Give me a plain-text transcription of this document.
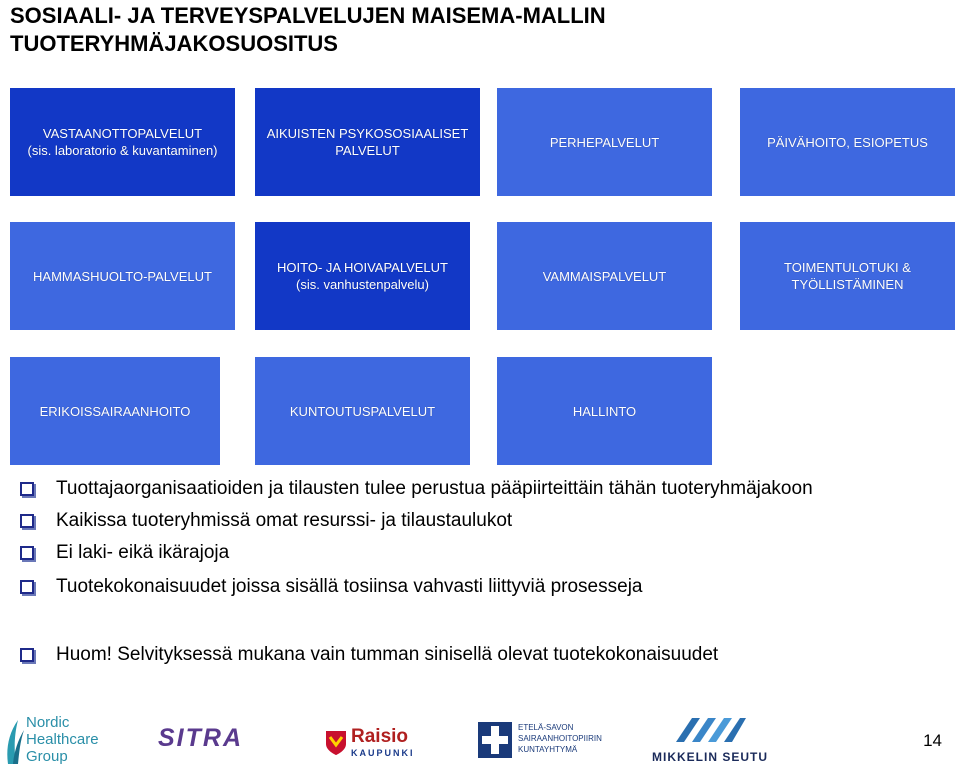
SOSIAALI- JA TERVEYSPALVELUJEN MAISEMA-MALLIN
TUOTERYHMÄJAKOSUOSITUS
VASTAANOTTOPALVELUT
(sis. laboratorio & kuvantaminen)
AIKUISTEN PSYKOSOSIAALISET
PALVELUT
PERHEPALVELUT	PÄIVÄHOITO, ESIOPETUS
HAMMASHUOLTO-PALVELUT
HOITO- JA HOIVAPALVELUT
(sis. vanhustenpalvelu)
VAMMAISPALVELUT
TOIMENTULOTUKI &
TYÖLLISTÄMINEN
ERIKOISSAIRAANHOITO	KUNTOUTUSPALVELUT	HALLINTO
Tuottajaorganisaatioiden ja tilausten tulee perustua pääpiirteittäin tähän tuoteryhmäjakoon
Kaikissa tuoteryhmissä omat resurssi- ja tilaustaulukot
Ei laki- eikä ikärajoja
Tuotekokonaisuudet joissa sisällä tosiinsa vahvasti liittyviä prosesseja
Huom! Selvityksessä mukana vain tumman sinisellä olevat tuotekokonaisuudet
Nordic
Healthcare
Group
SITRA	Raisio
KAUPUNKI
ETELÄ-SAVON
SAIRAANHOITOPIIRIN
KUNTAYHTYMÄ
MIKKELIN SEUTU
14
